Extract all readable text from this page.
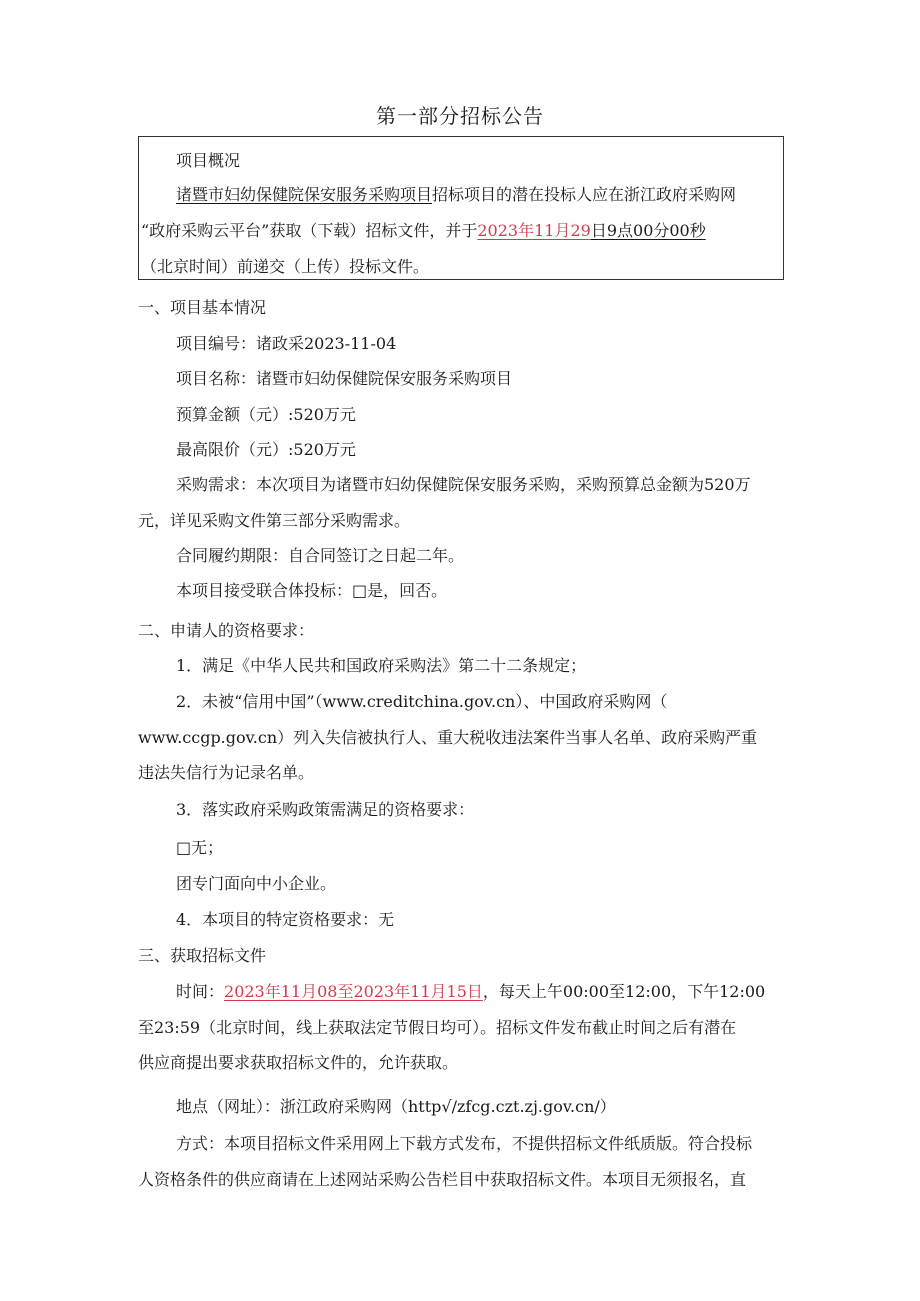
第一部分招标公告
项目概况
诸暨市妇幼保健院保安服务采购项目招标项目的潜在投标人应在浙江政府采购网
“政府采购云平台”获取（下载）招标文件，并于2023年11月29日9点00分00秒
（北京时间）前递交（上传）投标文件。
一、项目基本情况
项目编号：诸政采2023-11-04
项目名称：诸暨市妇幼保健院保安服务采购项目
预算金额（元）:520万元
最高限价（元）:520万元
采购需求：本次项目为诸暨市妇幼保健院保安服务采购，采购预算总金额为520万
元，详见采购文件第三部分采购需求。
合同履约期限：自合同签订之日起二年。
本项目接受联合体投标：□是，回否。
二、申请人的资格要求：
1．满足《中华人民共和国政府采购法》第二十二条规定；
2．未被“信用中国”（www.creditchina.gov.cn）、中国政府采购网（
www.ccgp.gov.cn）列入失信被执行人、重大税收违法案件当事人名单、政府采购严重
违法失信行为记录名单。
3．落实政府采购政策需满足的资格要求：
□无；
团专门面向中小企业。
4．本项目的特定资格要求：无
三、获取招标文件
时间：2023年11月08至2023年11月15日，每天上午00:00至12:00，下午12:00
至23:59（北京时间，线上获取法定节假日均可）。招标文件发布截止时间之后有潜在
供应商提出要求获取招标文件的，允许获取。
地点（网址）：浙江政府采购网（http√/zfcg.czt.zj.gov.cn/）
方式：本项目招标文件采用网上下载方式发布，不提供招标文件纸质版。符合投标
人资格条件的供应商请在上述网站采购公告栏目中获取招标文件。本项目无须报名，直
